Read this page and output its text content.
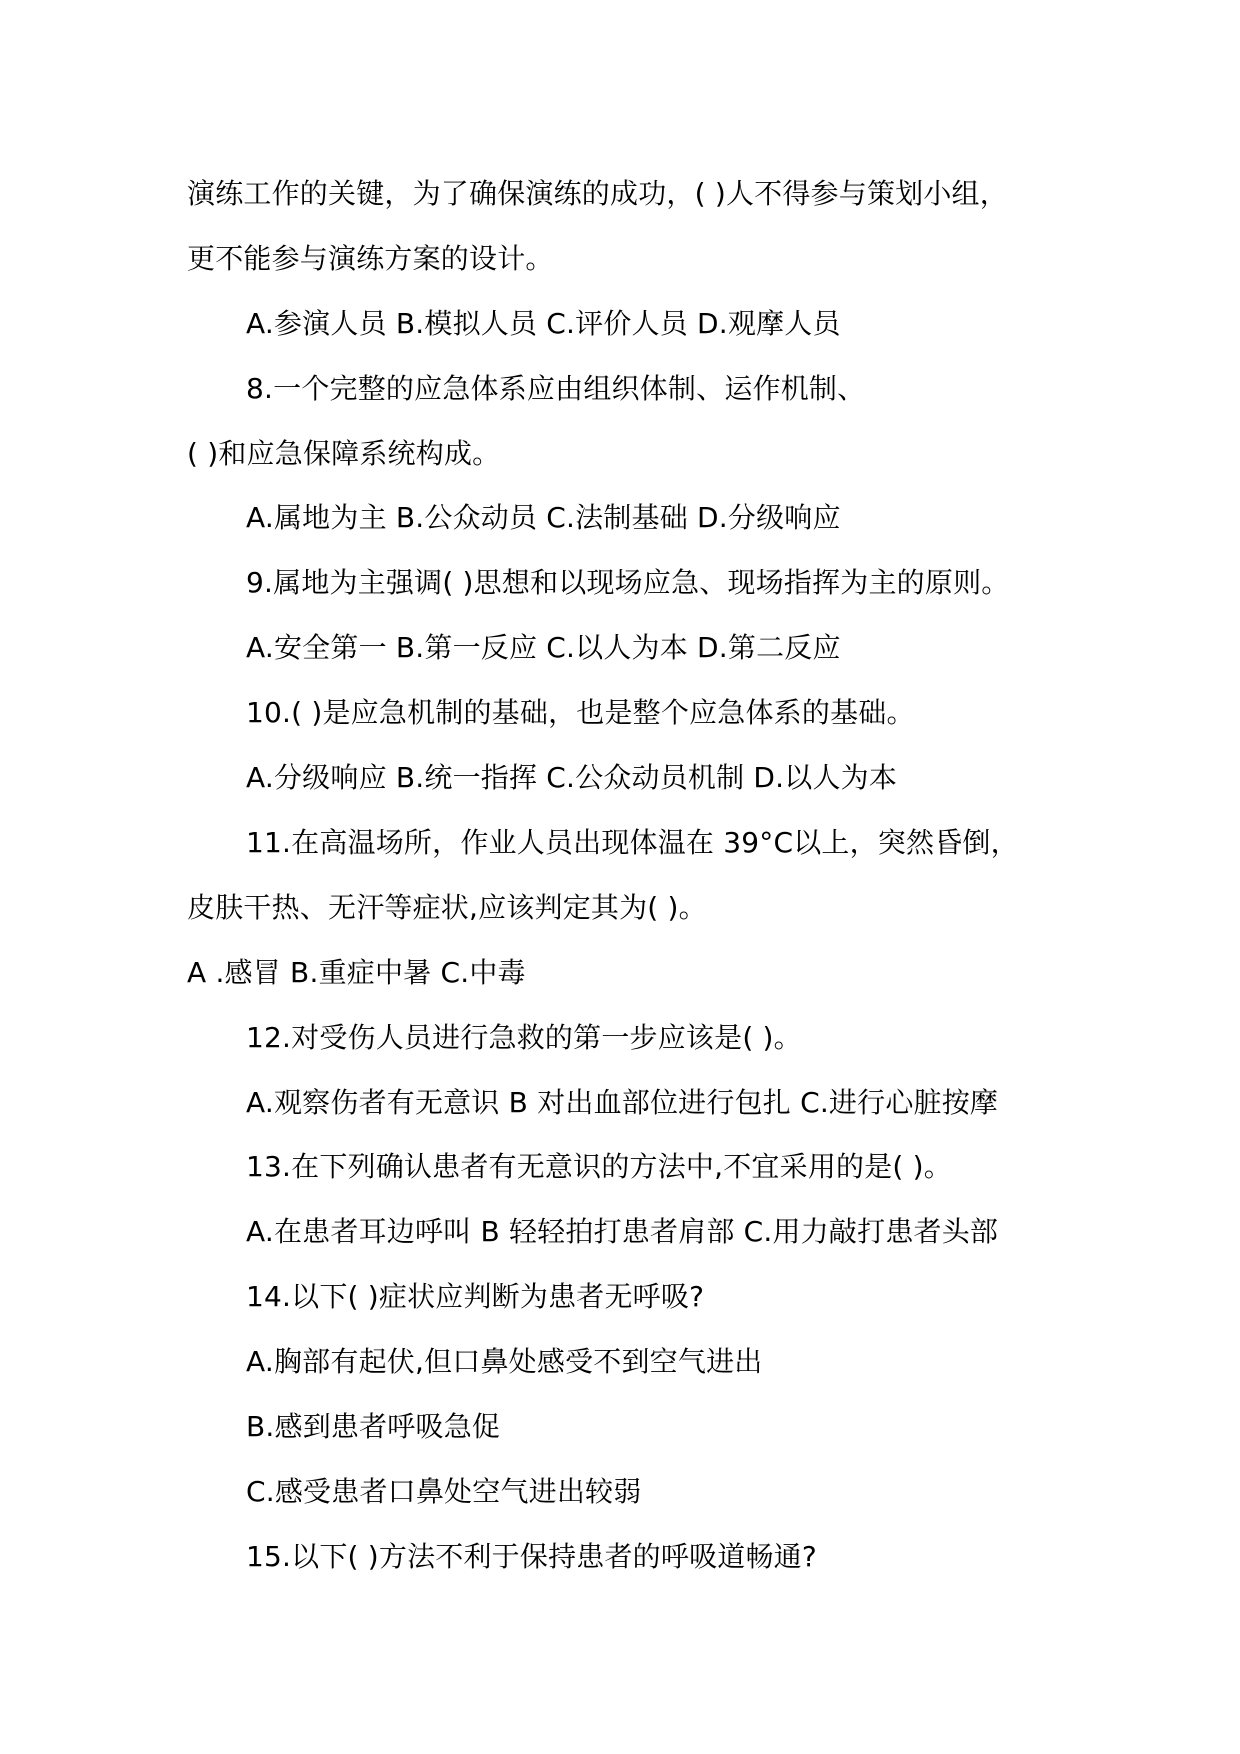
演练工作的关键，为了确保演练的成功，( )人不得参与策划小组，
更不能参与演练方案的设计。
A.参演人员 B.模拟人员 C.评价人员 D.观摩人员
8.一个完整的应急体系应由组织体制、运作机制、
( )和应急保障系统构成。
A.属地为主 B.公众动员 C.法制基础 D.分级响应
9.属地为主强调( )思想和以现场应急、现场指挥为主的原则。
A.安全第一 B.第一反应 C.以人为本 D.第二反应
10.( )是应急机制的基础，也是整个应急体系的基础。
A.分级响应 B.统一指挥 C.公众动员机制 D.以人为本
11.在高温场所，作业人员出现体温在 39°C以上，突然昏倒，
皮肤干热、无汗等症状,应该判定其为( )。
A .感冒 B.重症中暑 C.中毒
12.对受伤人员进行急救的第一步应该是( )。
A.观察伤者有无意识 B 对出血部位进行包扎 C.进行心脏按摩
13.在下列确认患者有无意识的方法中,不宜采用的是( )。
A.在患者耳边呼叫 B 轻轻拍打患者肩部 C.用力敲打患者头部
14.以下( )症状应判断为患者无呼吸?
A.胸部有起伏,但口鼻处感受不到空气进出
B.感到患者呼吸急促
C.感受患者口鼻处空气进出较弱
15.以下( )方法不利于保持患者的呼吸道畅通?
